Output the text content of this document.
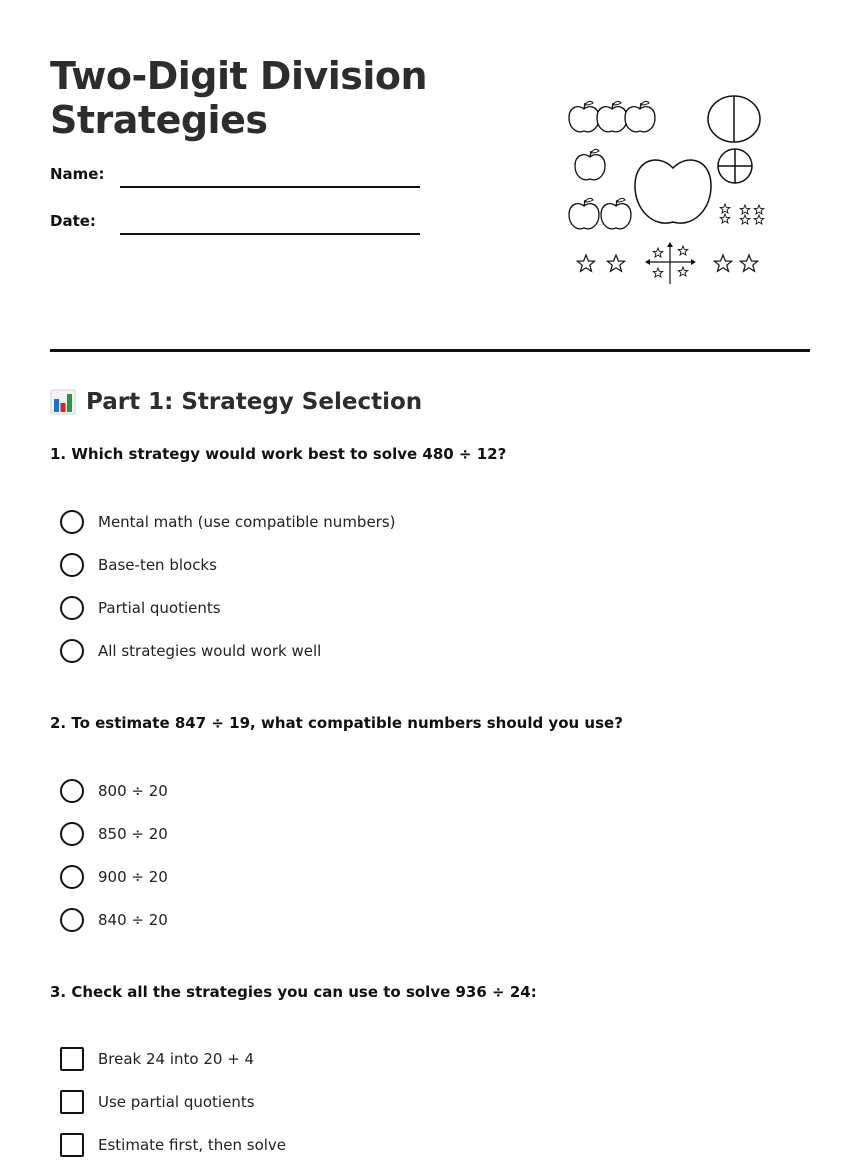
Two-Digit Division
Strategies
Name:
Date:
Part 1: Strategy Selection
1. Which strategy would work best to solve 480 ÷ 12?
Mental math (use compatible numbers)
Base-ten blocks
Partial quotients
All strategies would work well
2. To estimate 847 ÷ 19, what compatible numbers should you use?
800 ÷ 20
850 ÷ 20
900 ÷ 20
840 ÷ 20
3. Check all the strategies you can use to solve 936 ÷ 24:
Break 24 into 20 + 4
Use partial quotients
Estimate first, then solve
